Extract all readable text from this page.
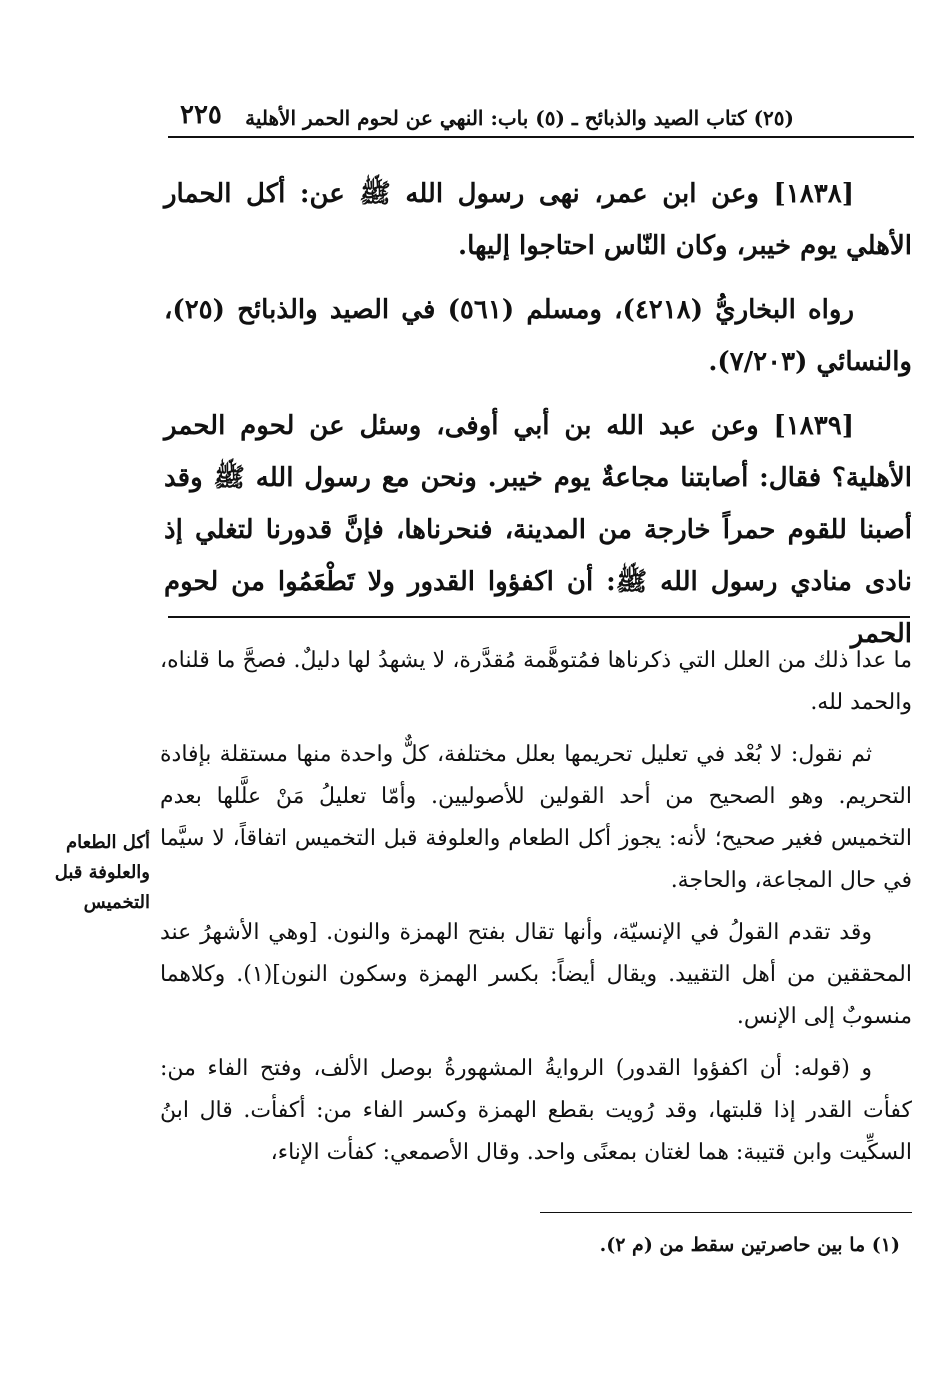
(٢٥) كتاب الصيد والذبائح ـ (٥) باب: النهي عن لحوم الحمر الأهلية
٢٢٥

[١٨٣٨] وعن ابن عمر، نهى رسول الله ﷺ عن: أكل الحمار الأهلي يوم خيبر، وكان النّاس احتاجوا إليها.

رواه البخاريُّ (٤٢١٨)، ومسلم (٥٦١) في الصيد والذبائح (٢٥)، والنسائي (٧/٢٠٣).

[١٨٣٩] وعن عبد الله بن أبي أوفى، وسئل عن لحوم الحمر الأهلية؟ فقال: أصابتنا مجاعةٌ يوم خيبر. ونحن مع رسول الله ﷺ وقد أصبنا للقوم حمراً خارجة من المدينة، فنحرناها، فإنَّ قدورنا لتغلي إذ نادى منادي رسول الله ﷺ: أن اكفؤوا القدور ولا تَطْعَمُوا من لحوم الحمر

ما عدا ذلك من العلل التي ذكرناها فمُتوهَّمة مُقدَّرة، لا يشهدُ لها دليلٌ. فصحَّ ما قلناه، والحمد لله.

ثم نقول: لا بُعْد في تعليل تحريمها بعلل مختلفة، كلٌّ واحدة منها مستقلة بإفادة التحريم. وهو الصحيح من أحد القولين للأصوليين. وأمّا تعليلُ مَنْ علَّلها بعدم التخميس فغير صحيح؛ لأنه: يجوز أكل الطعام والعلوفة قبل التخميس اتفاقاً، لا سيَّما في حال المجاعة، والحاجة.

وقد تقدم القولُ في الإنسيّة، وأنها تقال بفتح الهمزة والنون. [وهي الأشهرُ عند المحققين من أهل التقييد. ويقال أيضاً: بكسر الهمزة وسكون النون](١). وكلاهما منسوبٌ إلى الإنس.

و (قوله: أن اكفؤوا القدور) الروايةُ المشهورةُ بوصل الألف، وفتح الفاء من: كفأت القدر إذا قلبتها، وقد رُويت بقطع الهمزة وكسر الفاء من: أكفأت. قال ابنُ السكِّيت وابن قتيبة: هما لغتان بمعنًى واحد. وقال الأصمعي: كفأت الإناء،

أكل الطعام والعلوفة قبل التخميس
(١) ما بين حاصرتين سقط من (م ٢).
